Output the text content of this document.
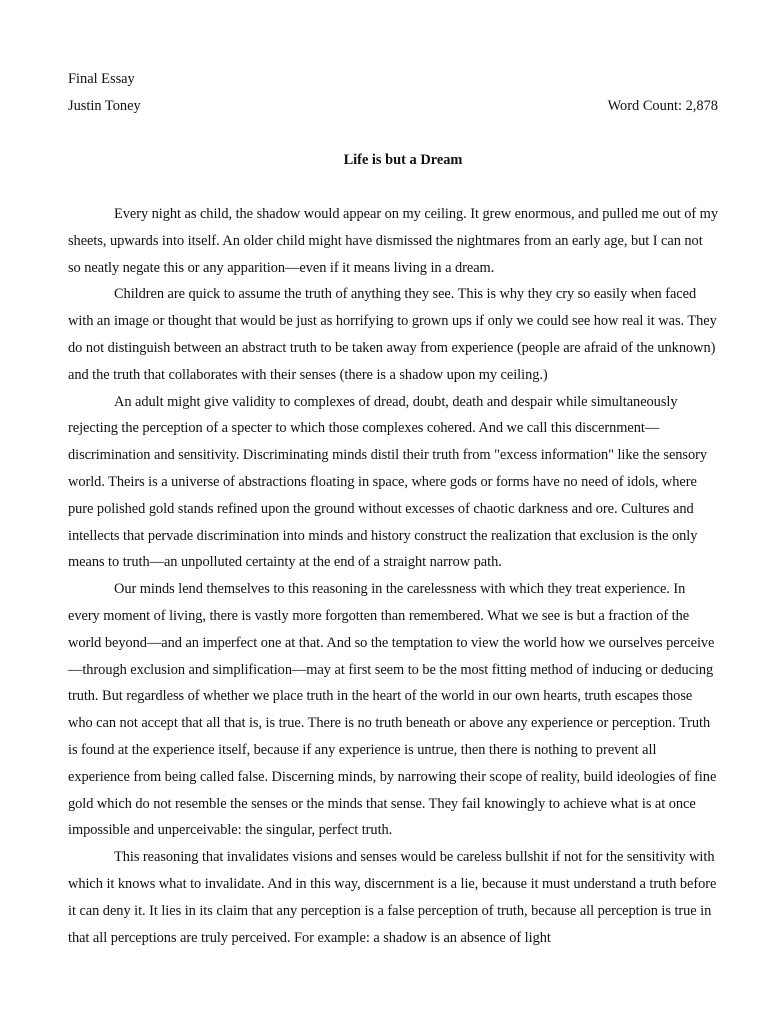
Final Essay
Justin Toney	Word Count: 2,878
Life is but a Dream

Every night as child, the shadow would appear on my ceiling. It grew enormous, and pulled me out of my sheets, upwards into itself. An older child might have dismissed the nightmares from an early age, but I can not so neatly negate this or any apparition—even if it means living in a dream.

Children are quick to assume the truth of anything they see. This is why they cry so easily when faced with an image or thought that would be just as horrifying to grown ups if only we could see how real it was. They do not distinguish between an abstract truth to be taken away from experience (people are afraid of the unknown) and the truth that collaborates with their senses (there is a shadow upon my ceiling.)

An adult might give validity to complexes of dread, doubt, death and despair while simultaneously rejecting the perception of a specter to which those complexes cohered. And we call this discernment—discrimination and sensitivity. Discriminating minds distil their truth from "excess information" like the sensory world. Theirs is a universe of abstractions floating in space, where gods or forms have no need of idols, where pure polished gold stands refined upon the ground without excesses of chaotic darkness and ore. Cultures and intellects that pervade discrimination into minds and history construct the realization that exclusion is the only means to truth—an unpolluted certainty at the end of a straight narrow path.

Our minds lend themselves to this reasoning in the carelessness with which they treat experience. In every moment of living, there is vastly more forgotten than remembered. What we see is but a fraction of the world beyond—and an imperfect one at that. And so the temptation to view the world how we ourselves perceive—through exclusion and simplification—may at first seem to be the most fitting method of inducing or deducing truth. But regardless of whether we place truth in the heart of the world in our own hearts, truth escapes those who can not accept that all that is, is true. There is no truth beneath or above any experience or perception. Truth is found at the experience itself, because if any experience is untrue, then there is nothing to prevent all experience from being called false. Discerning minds, by narrowing their scope of reality, build ideologies of fine gold which do not resemble the senses or the minds that sense. They fail knowingly to achieve what is at once impossible and unperceivable: the singular, perfect truth.

This reasoning that invalidates visions and senses would be careless bullshit if not for the sensitivity with which it knows what to invalidate. And in this way, discernment is a lie, because it must understand a truth before it can deny it. It lies in its claim that any perception is a false perception of truth, because all perception is true in that all perceptions are truly perceived. For example: a shadow is an absence of light
